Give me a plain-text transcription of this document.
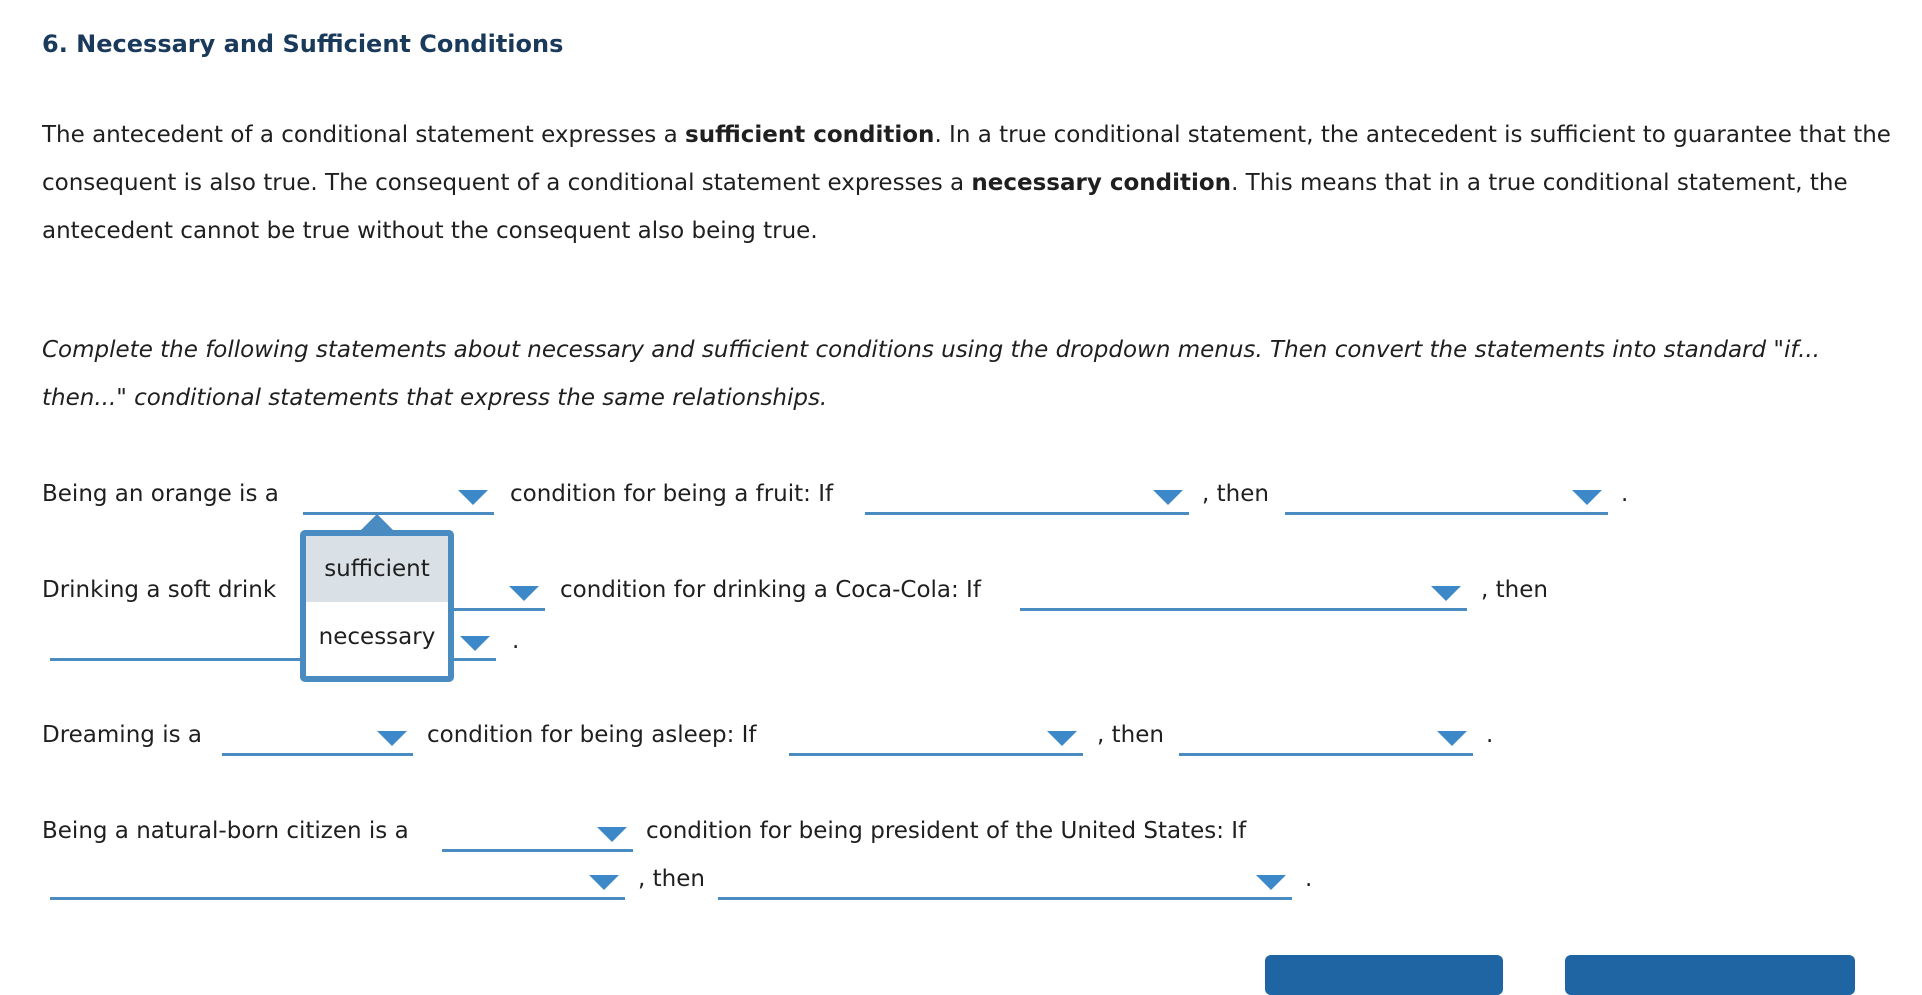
6. Necessary and Sufficient Conditions
The antecedent of a conditional statement expresses a sufficient condition. In a true conditional statement, the antecedent is sufficient to guarantee that the consequent is also true. The consequent of a conditional statement expresses a necessary condition. This means that in a true conditional statement, the antecedent cannot be true without the consequent also being true.
Complete the following statements about necessary and sufficient conditions using the dropdown menus. Then convert the statements into standard "if... then..." conditional statements that express the same relationships.
Being an orange is a	condition for being a fruit: If	, then	.
Drinking a soft drink	condition for drinking a Coca-Cola: If	, then
.
Dreaming is a	condition for being asleep: If	, then	.
Being a natural-born citizen is a	condition for being president of the United States: If
, then	.
sufficient
necessary
